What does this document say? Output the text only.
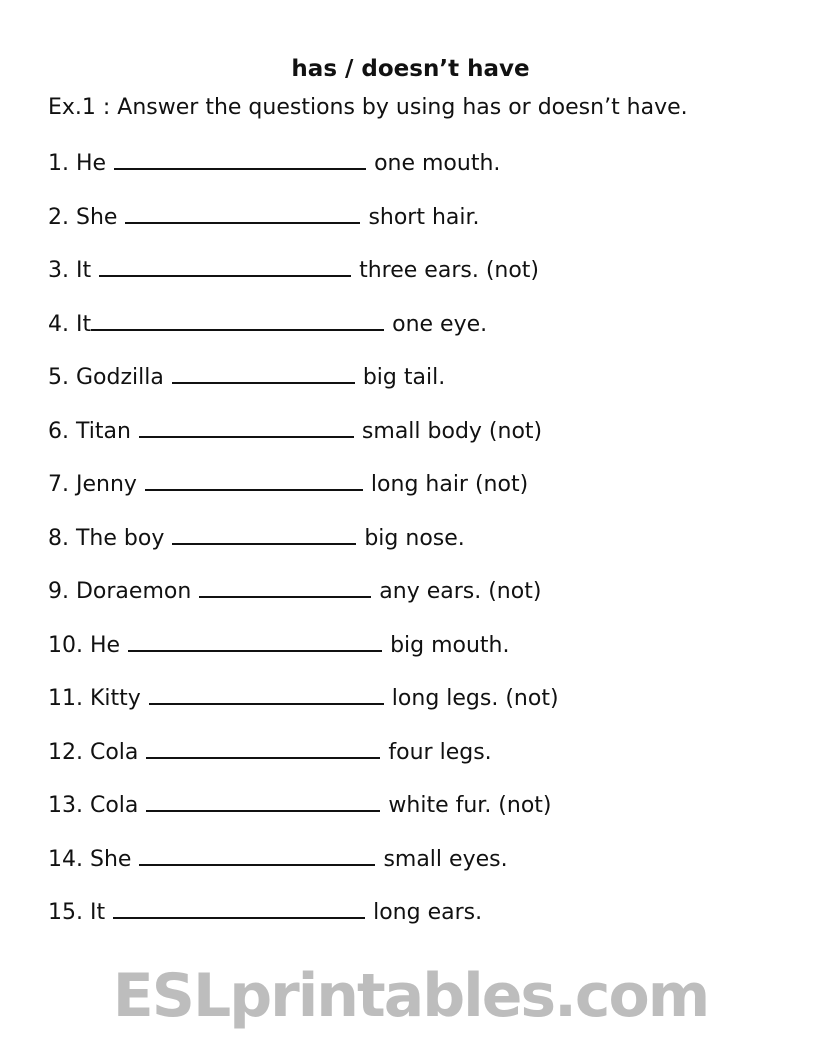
has / doesn’t have
Ex.1 : Answer the questions by using has or doesn’t have.
1. He	one mouth.
2. She	short hair.
3. It	three ears. (not)
4. It	one eye.
5. Godzilla	big tail.
6. Titan	small body (not)
7. Jenny	long hair (not)
8. The boy	big nose.
9. Doraemon	any ears. (not)
10. He	big mouth.
11. Kitty	long legs. (not)
12. Cola	four legs.
13. Cola	white fur. (not)
14. She	small eyes.
15. It	long ears.
ESLprintables.com
